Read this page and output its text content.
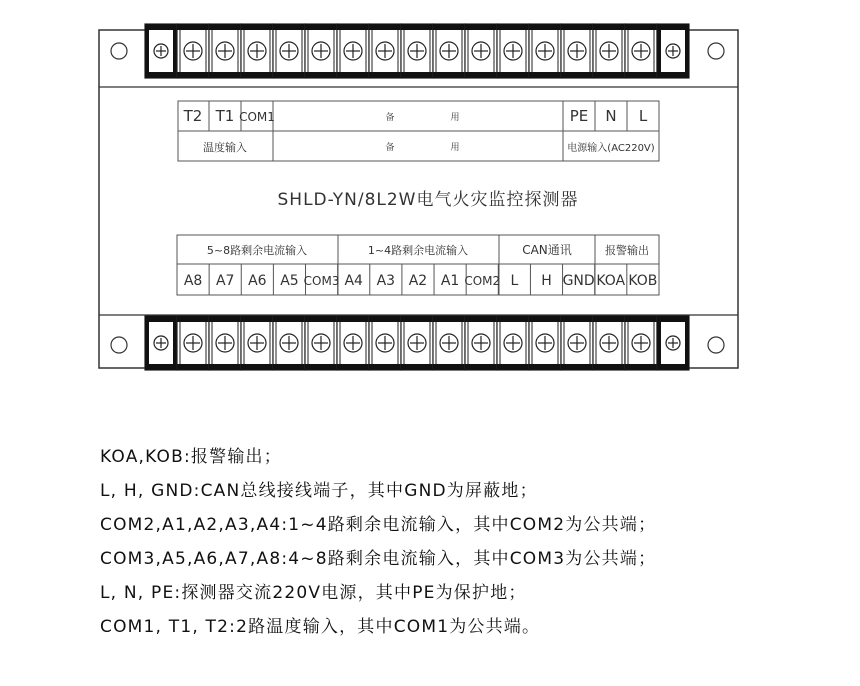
T2 T1 COM1	备	用	PE N L
温度输入	备	用	电源输入(AC220V)
SHLD-YN/8L2W电气火灾监控探测器
5~8路剩余电流输入	1~4路剩余电流输入	CAN通讯	报警输出
A8 A7 A6 A5 COM3 A4 A3 A2 A1 COM2 L H GND KOA KOB
KOA,KOB:报警输出；
L, H, GND:CAN总线接线端子，其中GND为屏蔽地；
COM2,A1,A2,A3,A4:1~4路剩余电流输入，其中COM2为公共端；
COM3,A5,A6,A7,A8:4~8路剩余电流输入，其中COM3为公共端；
L, N, PE:探测器交流220V电源，其中PE为保护地；
COM1, T1, T2:2路温度输入，其中COM1为公共端。
